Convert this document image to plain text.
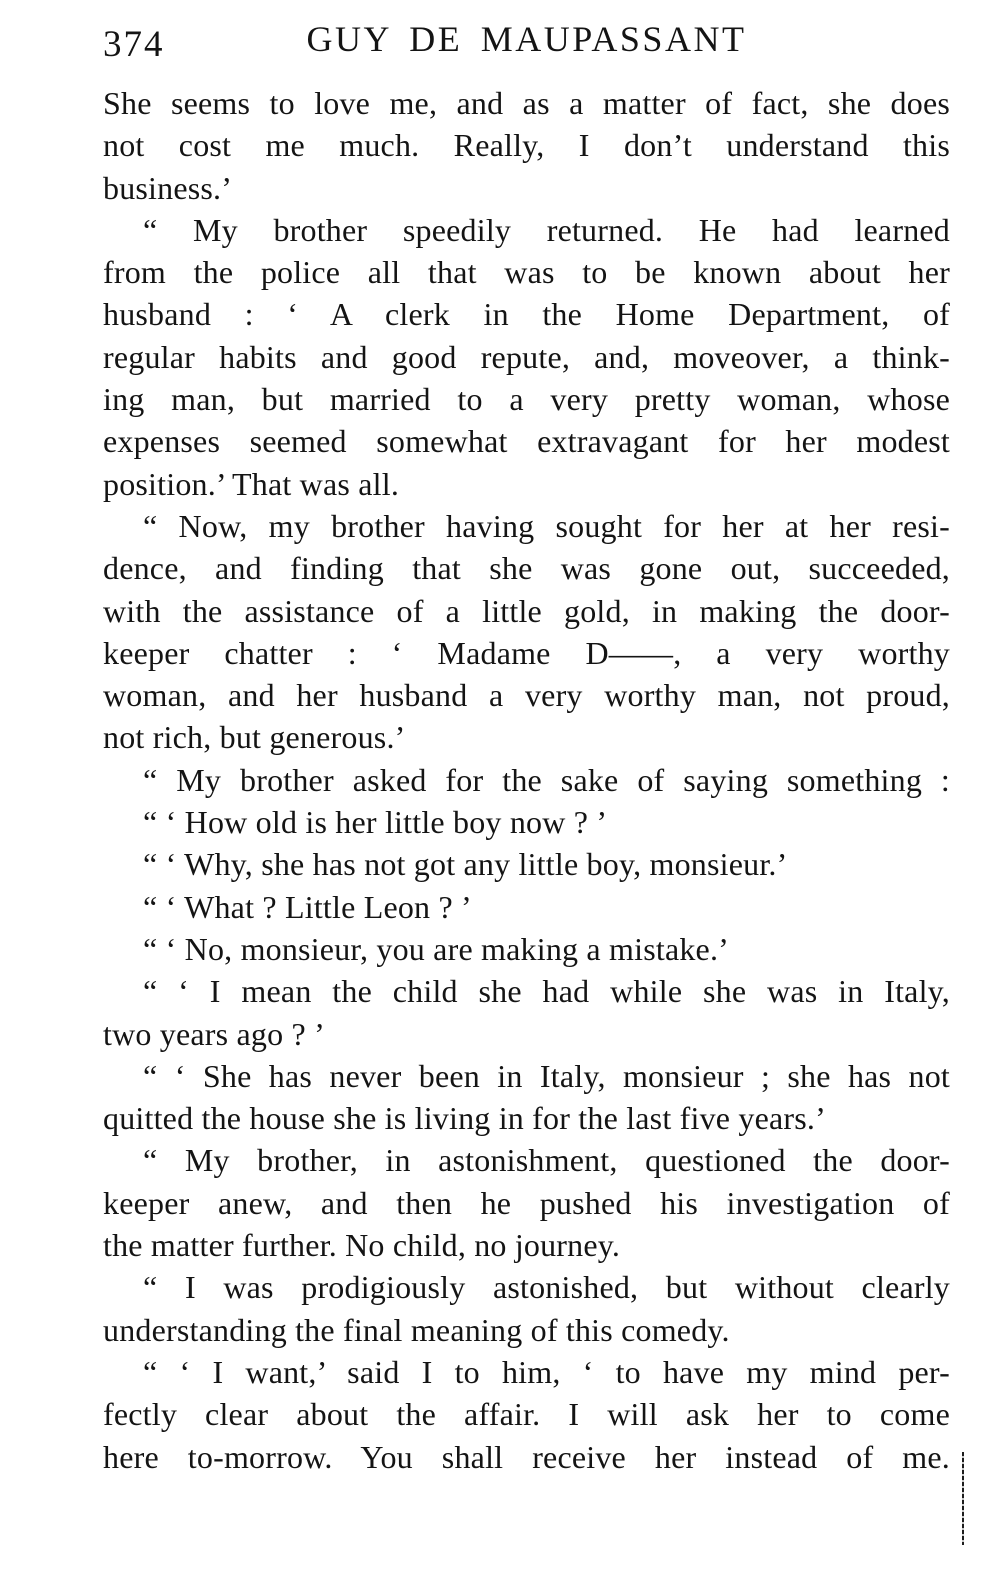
374	GUY DE MAUPASSANT

She seems to love me, and as a matter of fact, she does
not cost me much. Really, I don’t understand this
business.’

“ My brother speedily returned. He had learned
from the police all that was to be known about her
husband : ‘ A clerk in the Home Department, of
regular habits and good repute, and, moveover, a think-
ing man, but married to a very pretty woman, whose
expenses seemed somewhat extravagant for her modest
position.’ That was all.

“ Now, my brother having sought for her at her resi-
dence, and finding that she was gone out, succeeded,
with the assistance of a little gold, in making the door-
keeper chatter : ‘ Madame D——, a very worthy
woman, and her husband a very worthy man, not proud,
not rich, but generous.’

“ My brother asked for the sake of saying something :

“ ‘ How old is her little boy now ? ’

“ ‘ Why, she has not got any little boy, monsieur.’

“ ‘ What ? Little Leon ? ’

“ ‘ No, monsieur, you are making a mistake.’

“ ‘ I mean the child she had while she was in Italy,
two years ago ? ’

“ ‘ She has never been in Italy, monsieur ; she has not
quitted the house she is living in for the last five years.’

“ My brother, in astonishment, questioned the door-
keeper anew, and then he pushed his investigation of
the matter further. No child, no journey.

“ I was prodigiously astonished, but without clearly
understanding the final meaning of this comedy.

“ ‘ I want,’ said I to him, ‘ to have my mind per-
fectly clear about the affair. I will ask her to come
here to-morrow. You shall receive her instead of me.
